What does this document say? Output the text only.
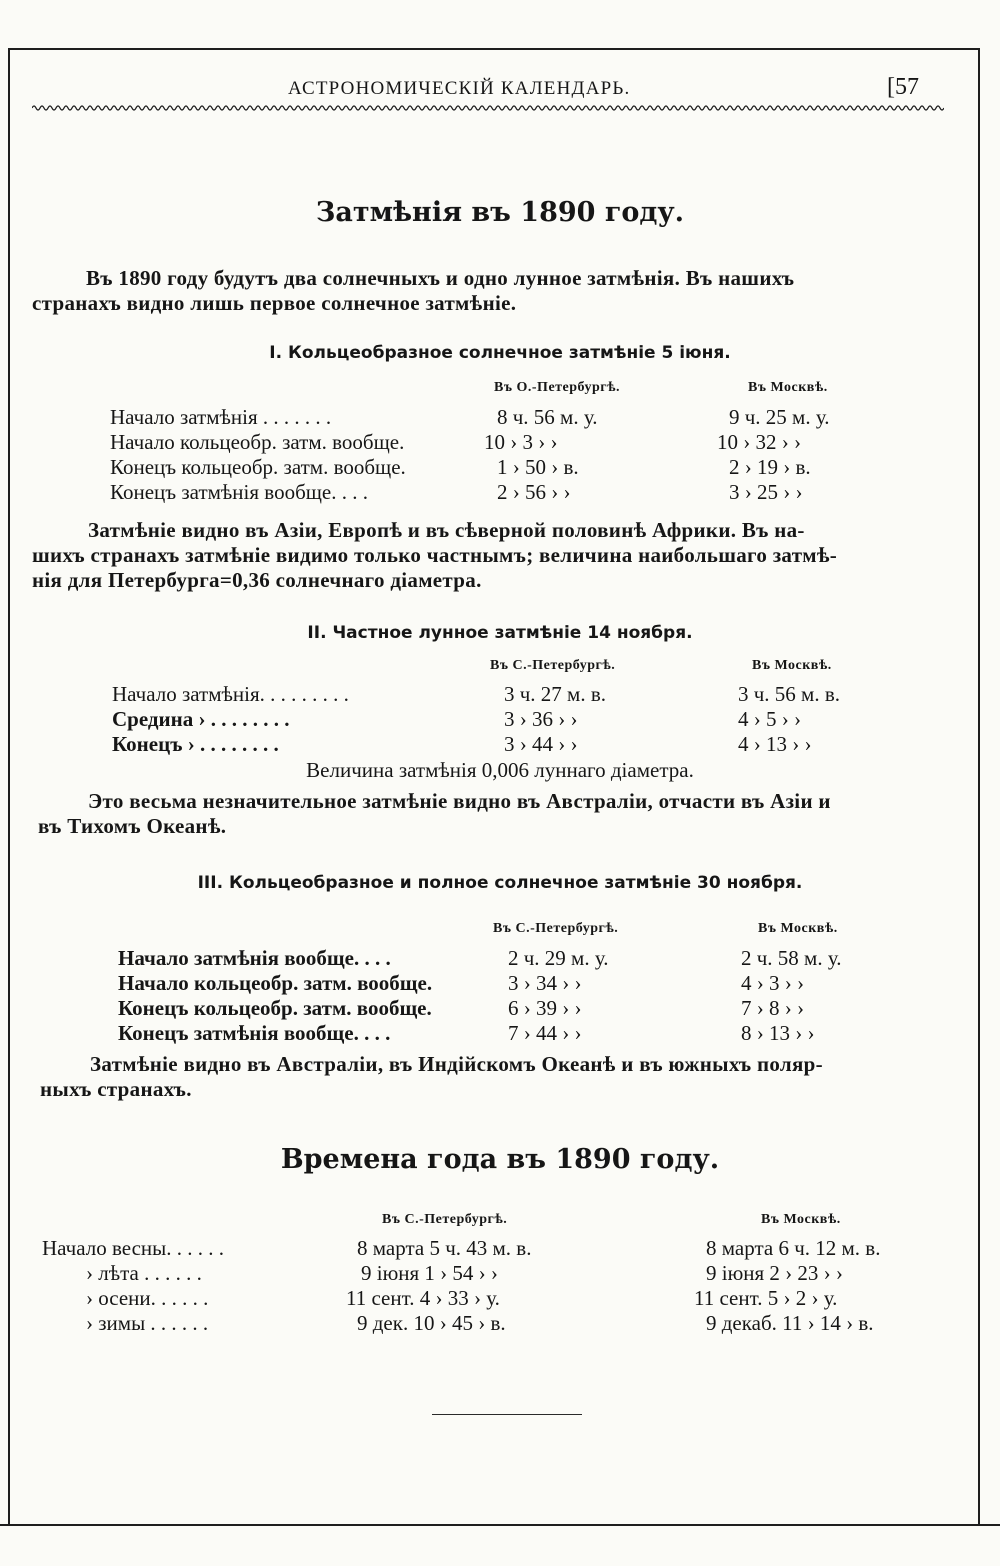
АСТРОНОМИЧЕСКІЙ КАЛЕНДАРЬ.	[57
Затмѣнія въ 1890 году.
Въ 1890 году будутъ два солнечныхъ и одно лунное затмѣнія. Въ нашихъ
странахъ видно лишь первое солнечное затмѣніе.
I. Кольцеобразное солнечное затмѣніе 5 іюня.
Въ О.-Петербургѣ.	Въ Москвѣ.
Начало затмѣнія . . . . . . .	8 ч. 56 м. у.	9 ч. 25 м. у.
Начало кольцеобр. затм. вообще.	10 › 3 › ›	10 › 32 › ›
Конецъ кольцеобр. затм. вообще.	1 › 50 › в.	2 › 19 › в.
Конецъ затмѣнія вообще. . . .	2 › 56 › ›	3 › 25 › ›
Затмѣніе видно въ Азіи, Европѣ и въ сѣверной половинѣ Африки. Въ на-
шихъ странахъ затмѣніе видимо только частнымъ; величина наибольшаго затмѣ-
нія для Петербурга=0,36 солнечнаго діаметра.
II. Частное лунное затмѣніе 14 ноября.
Въ С.-Петербургѣ.	Въ Москвѣ.
Начало затмѣнія. . . . . . . . .	3 ч. 27 м. в.	3 ч. 56 м. в.
Средина › . . . . . . . .	3 › 36 › ›	4 › 5 › ›
Конецъ › . . . . . . . .	3 › 44 › ›	4 › 13 › ›
Величина затмѣнія 0,006 луннаго діаметра.
Это весьма незначительное затмѣніе видно въ Австраліи, отчасти въ Азіи и
въ Тихомъ Океанѣ.
III. Кольцеобразное и полное солнечное затмѣніе 30 ноября.
Въ С.-Петербургѣ.	Въ Москвѣ.
Начало затмѣнія вообще. . . .	2 ч. 29 м. у.	2 ч. 58 м. у.
Начало кольцеобр. затм. вообще.	3 › 34 › ›	4 › 3 › ›
Конецъ кольцеобр. затм. вообще.	6 › 39 › ›	7 › 8 › ›
Конецъ затмѣнія вообще. . . .	7 › 44 › ›	8 › 13 › ›
Затмѣніе видно въ Австраліи, въ Индійскомъ Океанѣ и въ южныхъ поляр-
ныхъ странахъ.
Времена года въ 1890 году.
Въ С.-Петербургѣ.	Въ Москвѣ.
Начало весны. . . . . .	8 марта 5 ч. 43 м. в.	8 марта 6 ч. 12 м. в.
› лѣта . . . . . .	9 іюня 1 › 54 › ›	9 іюня 2 › 23 › ›
› осени. . . . . .	11 сент. 4 › 33 › у.	11 сент. 5 › 2 › у.
› зимы . . . . . .	9 дек. 10 › 45 › в.	9 декаб. 11 › 14 › в.
